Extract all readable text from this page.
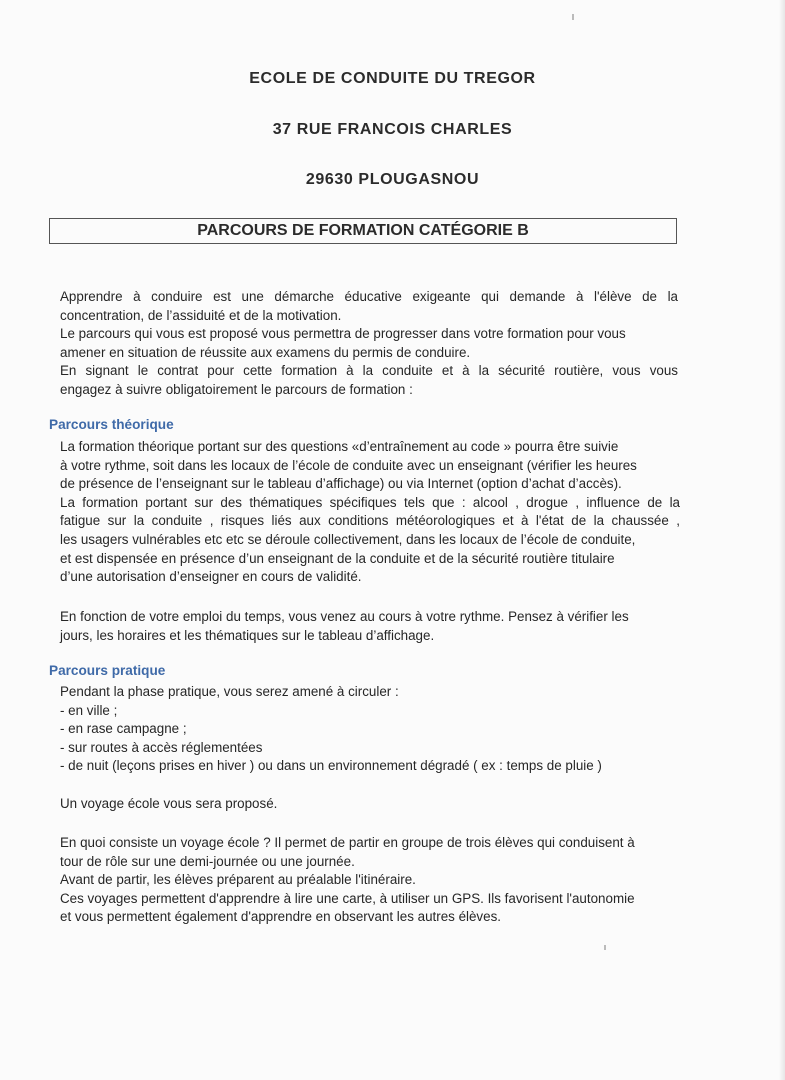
ECOLE DE CONDUITE DU TREGOR
37 RUE FRANCOIS CHARLES
29630 PLOUGASNOU
PARCOURS DE FORMATION CATÉGORIE B

Apprendre à conduire est une démarche éducative exigeante qui demande à l'élève de la

concentration, de l’assiduité et de la motivation.

Le parcours qui vous est proposé vous permettra de progresser dans votre formation pour vous

amener en situation de réussite aux examens du permis de conduire.

En signant le contrat pour cette formation à la conduite et à la sécurité routière, vous vous

engagez à suivre obligatoirement le parcours de formation :

Parcours théorique

La formation théorique portant sur des questions «d’entraînement au code » pourra être suivie

à votre rythme, soit dans les locaux de l’école de conduite avec un enseignant (vérifier les heures

de présence de l’enseignant sur le tableau d’affichage) ou via Internet (option d’achat d’accès).

La formation portant sur des thématiques spécifiques tels que : alcool , drogue , influence de la

fatigue sur la conduite , risques liés aux conditions météorologiques et à l'état de la chaussée ,

les usagers vulnérables etc etc se déroule collectivement, dans les locaux de l’école de conduite,

et est dispensée en présence d’un enseignant de la conduite et de la sécurité routière titulaire

d’une autorisation d’enseigner en cours de validité.

En fonction de votre emploi du temps, vous venez au cours à votre rythme. Pensez à vérifier les

jours, les horaires et les thématiques sur le tableau d’affichage.

Parcours pratique

Pendant la phase pratique, vous serez amené à circuler :

- en ville ;

- en rase campagne ;

- sur routes à accès réglementées

- de nuit (leçons prises en hiver ) ou dans un environnement dégradé ( ex : temps de pluie )

Un voyage école vous sera proposé.

En quoi consiste un voyage école ? Il permet de partir en groupe de trois élèves qui conduisent à

tour de rôle sur une demi-journée ou une journée.

Avant de partir, les élèves préparent au préalable l'itinéraire.

Ces voyages permettent d'apprendre à lire une carte, à utiliser un GPS. Ils favorisent l'autonomie

et vous permettent également d'apprendre en observant les autres élèves.
